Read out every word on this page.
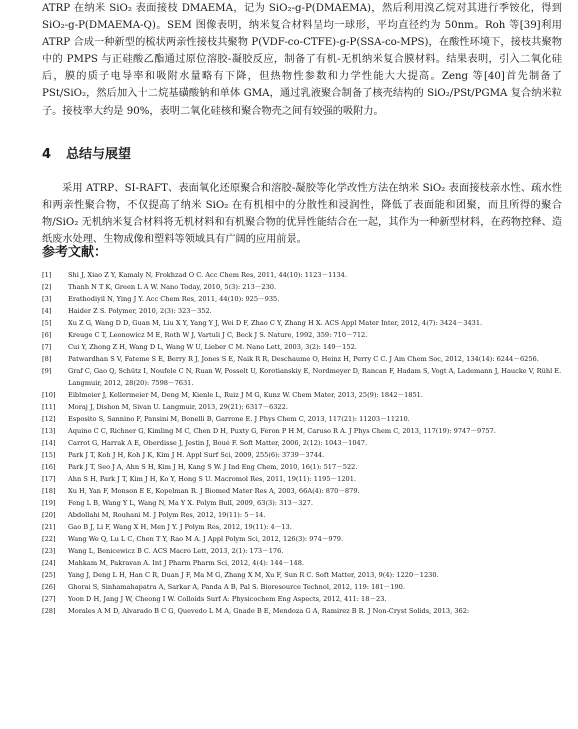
ATRP 在纳米 SiO₂ 表面接枝 DMAEMA，记为 SiO₂-g-P(DMAEMA)，然后利用溴乙烷对其进行季铵化，得到 SiO₂-g-P(DMAEMA-Q)。SEM 图像表明，纳米复合材料呈均一球形，平均直径约为 50nm。Roh 等[39]利用 ATRP 合成一种新型的梳状两亲性接枝共聚物 P(VDF-co-CTFE)-g-P(SSA-co-MPS)，在酸性环境下，接枝共聚物中的 PMPS 与正硅酸乙酯通过原位溶胶-凝胶反应，制备了有机-无机纳米复合膜材料。结果表明，引入二氧化硅后，膜的质子电导率和吸附水量略有下降，但热物性参数和力学性能大大提高。Zeng 等[40]首先制备了 PSt/SiO₂，然后加入十二烷基磺酸钠和单体 GMA，通过乳液聚合制备了核壳结构的 SiO₂/PSt/PGMA 复合纳米粒子。接枝率大约是 90%，表明二氧化硅核和聚合物壳之间有较强的吸附力。

4 总结与展望

采用 ATRP、SI-RAFT、表面氧化还原聚合和溶胶-凝胶等化学改性方法在纳米 SiO₂ 表面接枝亲水性、疏水性和两亲性聚合物，不仅提高了纳米 SiO₂ 在有机相中的分散性和浸润性，降低了表面能和团聚，而且所得的聚合物/SiO₂ 无机纳米复合材料将无机材料和有机聚合物的优异性能结合在一起，其作为一种新型材料，在药物控释、造纸废水处理、生物成像和塑料等领域具有广阔的应用前景。

参考文献：
[1]	Shi J, Xiao Z Y, Kamaly N, Frokhzad O C. Acc Chem Res, 2011, 44(10): 1123－1134.
[2]	Thanh N T K, Green L A W. Nano Today, 2010, 5(3): 213－230.
[3]	Erathodiyil N, Ying J Y. Acc Chem Res, 2011, 44(10): 925－935.
[4]	Haider Z S. Polymer, 2010, 2(3): 323－352.
[5]	Xu Z G, Wang D D, Guan M, Liu X Y, Yang Y J, Wei D F, Zhao C Y, Zhang H X. ACS Appl Mater Inter, 2012, 4(7): 3424－3431.
[6]	Kreuge C T, Leonowicz M E, Roth W J, Vartuli J C, Beck J S. Nature, 1992, 359: 710－712.
[7]	Cui Y, Zhong Z H, Wang D L, Wang W U, Lieber C M. Nano Lett, 2003, 3(2): 149－152.
[8]	Patwardhan S V, Fateme S E, Berry R J, Jones S E, Naik R R, Deschaume O, Heinz H, Perry C C. J Am Chem Soc, 2012, 134(14): 6244－6256.
[9]	Graf C, Gao Q, Schütz I, Noufele C N, Ruan W, Posselt U, Korotianskiy E, Nordmeyer D, Rancan F, Hadam S, Vogt A, Lademann J, Haucke V, Rühl E. Langmuir, 2012, 28(20): 7598－7631.
[10]	Eiblmeier J, Kellermeier M, Deng M, Kienle L, Ruiz J M G, Kunz W. Chem Mater, 2013, 25(9): 1842－1851.
[11]	Moraj J, Dishon M, Sivan U. Langmuir, 2013, 29(21): 6317－6322.
[12]	Esposito S, Sannino F, Pansini M, Bonelli B, Garrone E. J Phys Chem C, 2013, 117(21): 11203－11210.
[13]	Aquino C C, Richner G, Kimling M C, Chen D H, Puxty G, Feron P H M, Caruso R A. J Phys Chem C, 2013, 117(19): 9747－9757.
[14]	Carrot G, Harrak A E, Oberdisse J, Jestin J, Boué F. Soft Matter, 2006, 2(12): 1043－1047.
[15]	Park J T, Koh J H, Koh J K, Kim J H. Appl Surf Sci, 2009, 255(6): 3739－3744.
[16]	Park J T, Seo J A, Ahn S H, Kim J H, Kang S W. J Ind Eng Chem, 2010, 16(1): 517－522.
[17]	Ahn S H, Park J T, Kim J H, Ko Y, Hong S U. Macromol Res, 2011, 19(11): 1195－1201.
[18]	Xu H, Yan F, Monson E E, Kopelman R. J Biomed Mater Res A, 2003, 66A(4): 870－879.
[19]	Feng L B, Wang Y L, Wang N, Ma Y X. Polym Bull, 2009, 63(3): 313－327.
[20]	Abdollahi M, Rouhani M. J Polym Res, 2012, 19(11): 5－14.
[21]	Gao B J, Li F, Wang X H, Men J Y. J Polym Res, 2012, 19(11): 4－13.
[22]	Wang We Q, Lu L C, Chen T Y, Rao M A. J Appl Polym Sci, 2012, 126(3): 974－979.
[23]	Wang L, Benicewicz B C. ACS Macro Lett, 2013, 2(1): 173－176.
[24]	Mahkam M, Pakravan A. Int J Pharm Pharm Sci, 2012, 4(4): 144－148.
[25]	Yang J, Deng L H, Han C R, Duan J F, Ma M G, Zhang X M, Xu F, Sun R C. Soft Matter, 2013, 9(4): 1220－1230.
[26]	Ghorai S, Sinhamahapatra A, Sarkar A, Panda A B, Pal S. Bioresource Technol, 2012, 119: 181－190.
[27]	Yoon D H, Jang J W, Cheong I W. Colloids Surf A: Physicochem Eng Aspects, 2012, 411: 18－23.
[28]	Morales A M D, Alvarado B C G, Quevedo L M A, Gnade B E, Mendoza G A, Ramirez B R. J Non-Cryst Solids, 2013, 362:
